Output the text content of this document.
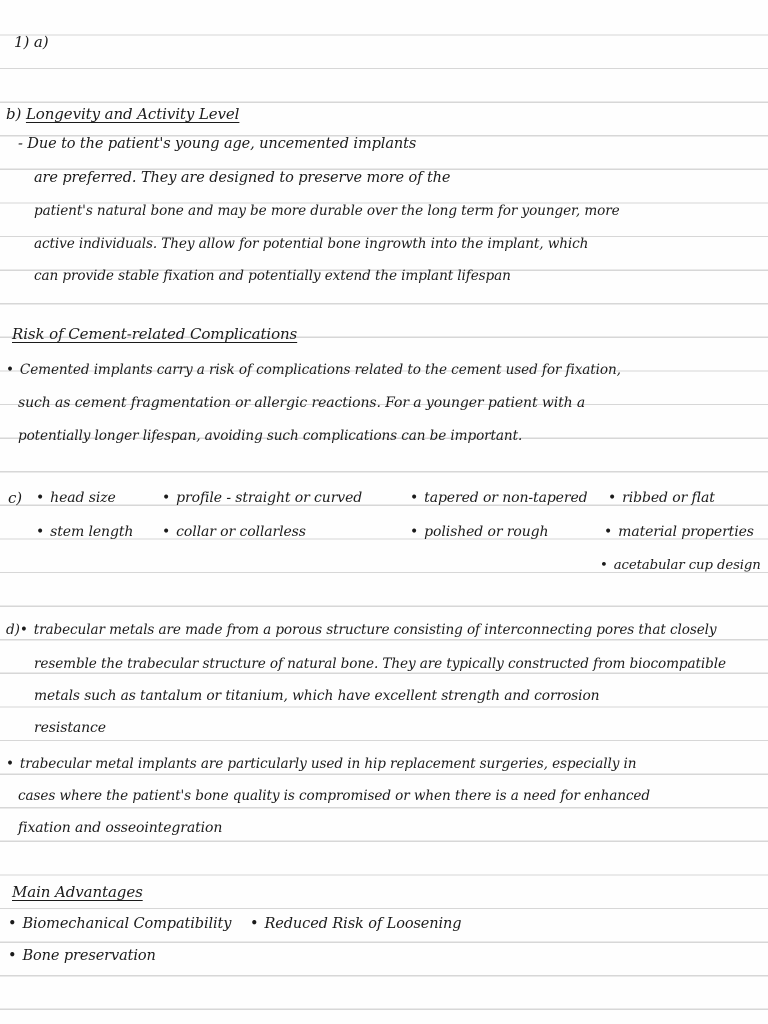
1) a)
b) Longevity and Activity Level
- Due to the patient's young age, uncemented implants
are preferred. They are designed to preserve more of the
patient's natural bone and may be more durable over the long term for younger, more
active individuals. They allow for potential bone ingrowth into the implant, which
can provide stable fixation and potentially extend the implant lifespan
Risk of Cement-related Complications
• Cemented implants carry a risk of complications related to the cement used for fixation,
such as cement fragmentation or allergic reactions. For a younger patient with a
potentially longer lifespan, avoiding such complications can be important.
c) • head size	• profile - straight or curved	• tapered or non-tapered • ribbed or flat
• stem length • collar or collarless	• polished or rough	• material properties
• acetabular cup design
d)• trabecular metals are made from a porous structure consisting of interconnecting pores that closely
resemble the trabecular structure of natural bone. They are typically constructed from biocompatible
metals such as tantalum or titanium, which have excellent strength and corrosion
resistance
• trabecular metal implants are particularly used in hip replacement surgeries, especially in
cases where the patient's bone quality is compromised or when there is a need for enhanced
fixation and osseointegration
Main Advantages
• Biomechanical Compatibility • Reduced Risk of Loosening
• Bone preservation
